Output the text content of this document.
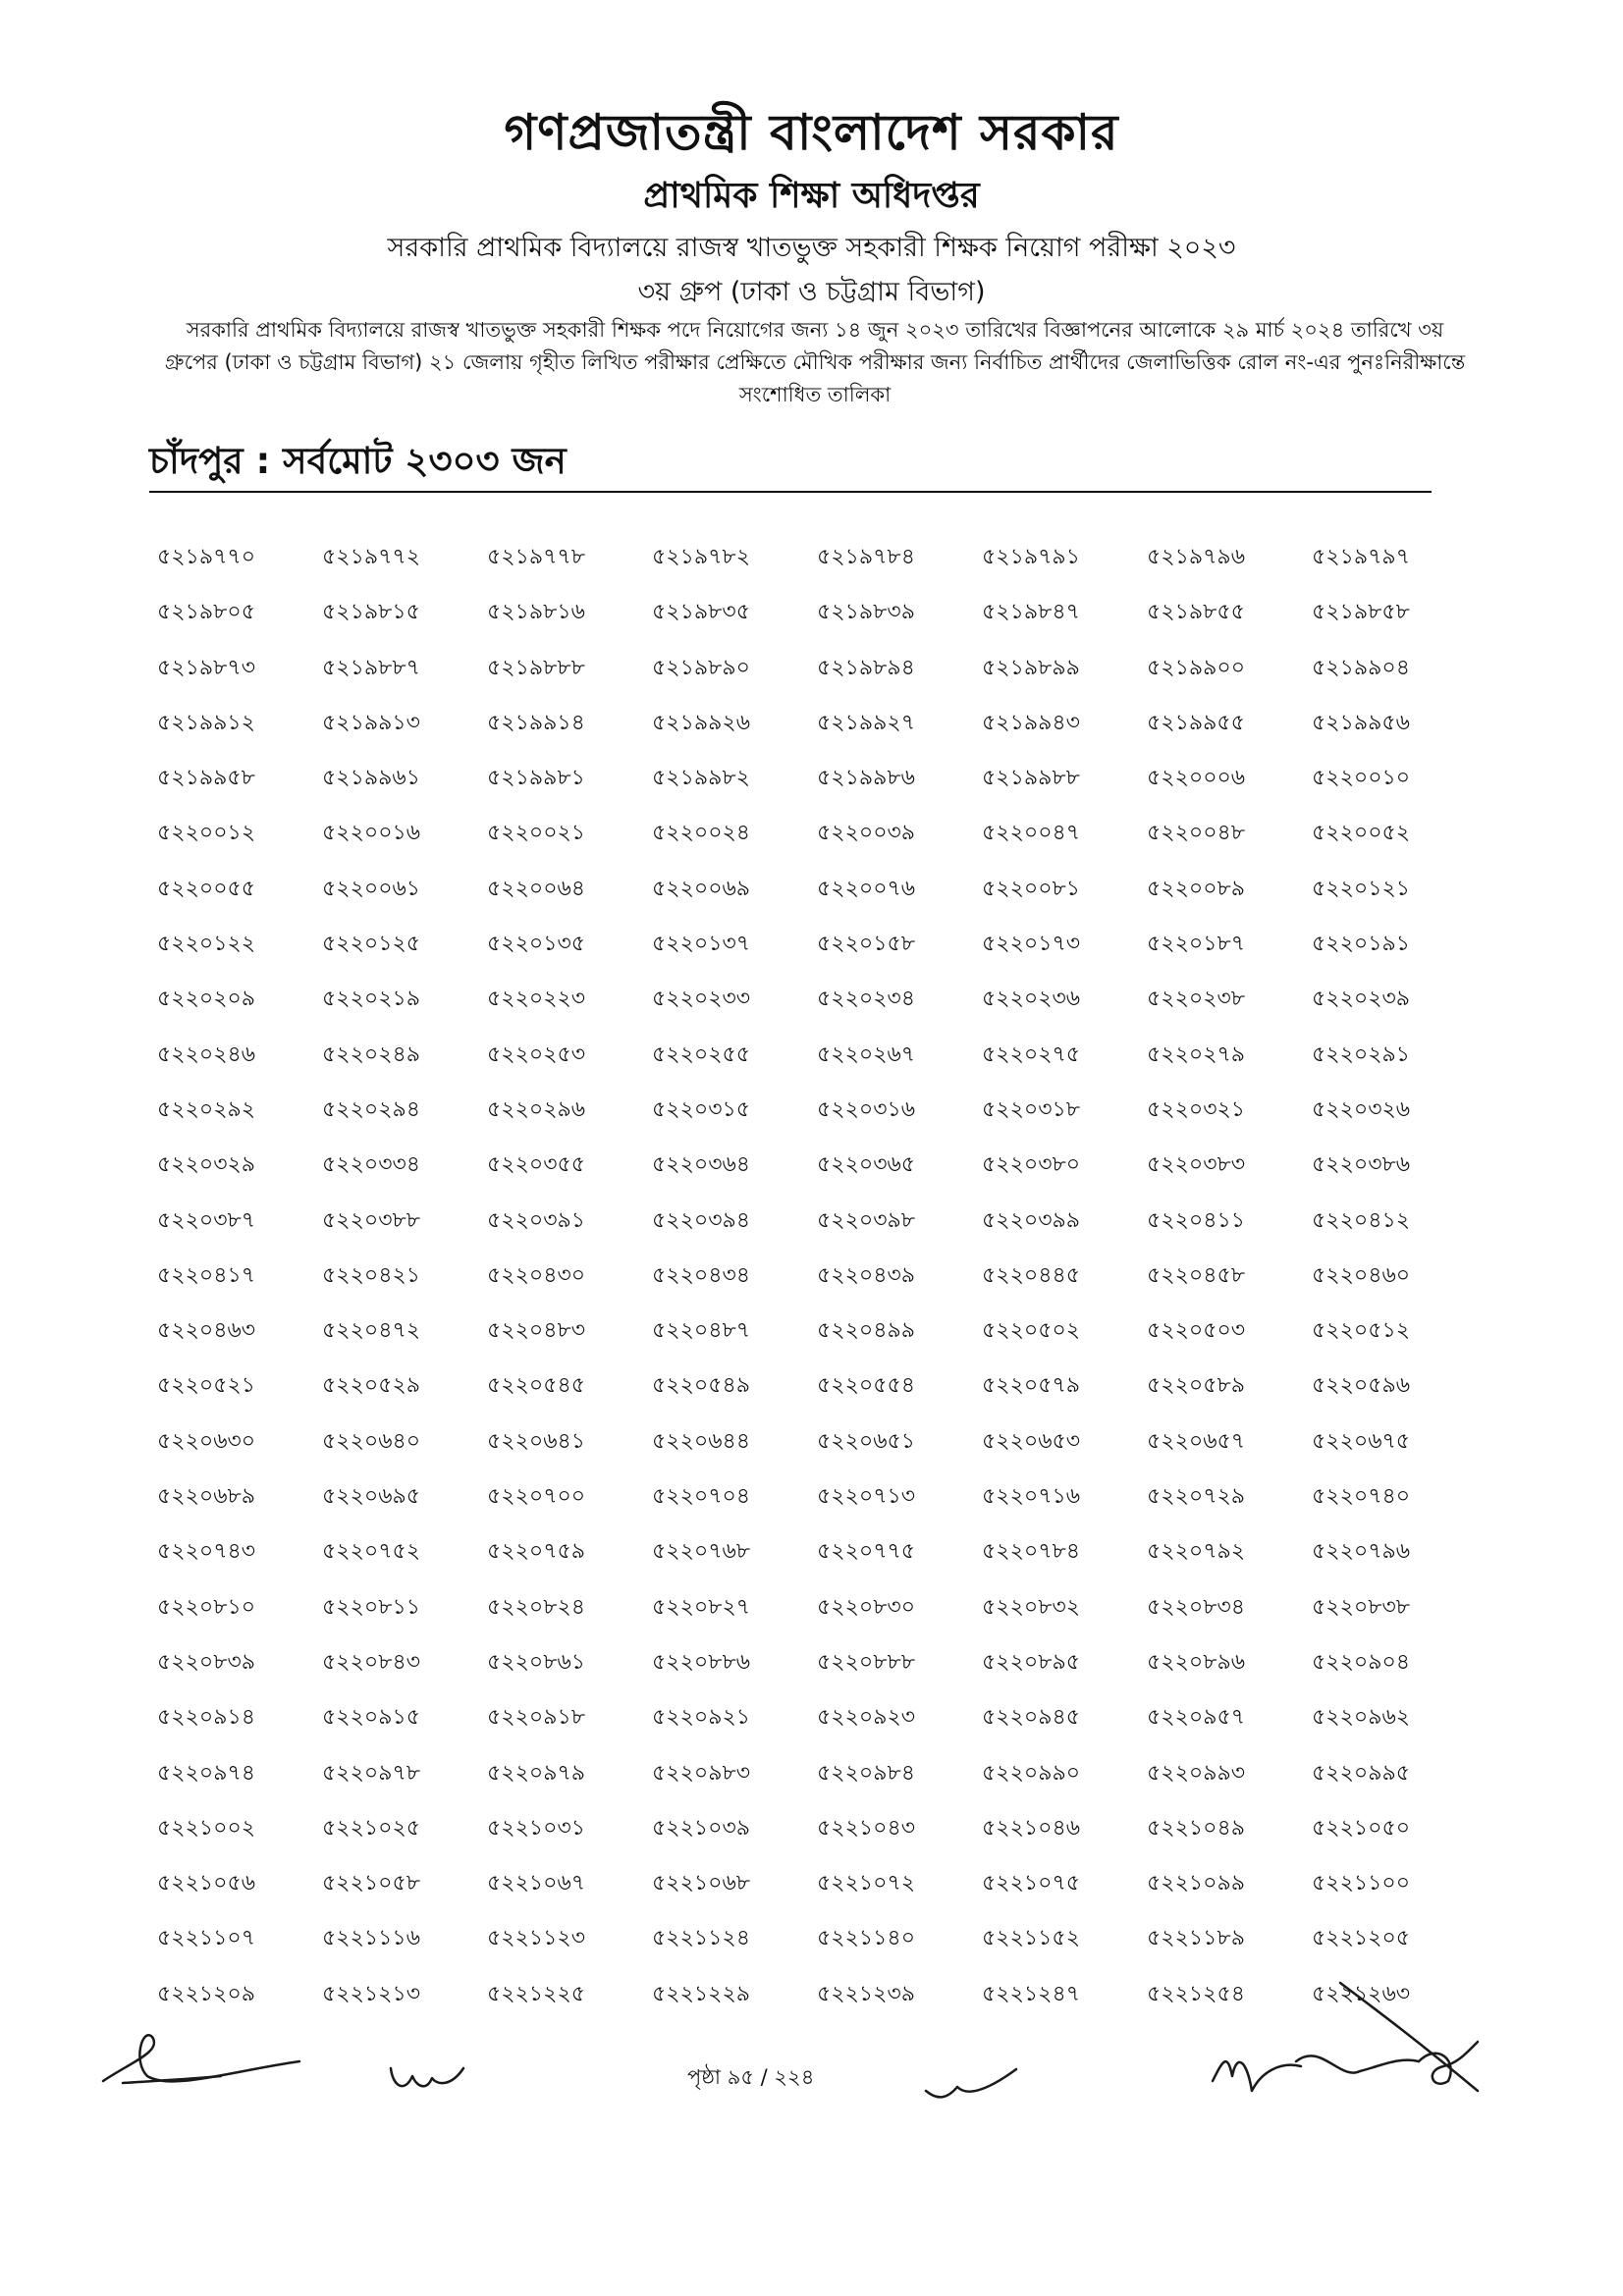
গণপ্রজাতন্ত্রী বাংলাদেশ সরকার
প্রাথমিক শিক্ষা অধিদপ্তর
সরকারি প্রাথমিক বিদ্যালয়ে রাজস্ব খাতভুক্ত সহকারী শিক্ষক নিয়োগ পরীক্ষা ২০২৩
৩য় গ্রুপ (ঢাকা ও চট্টগ্রাম বিভাগ)
সরকারি প্রাথমিক বিদ্যালয়ে রাজস্ব খাতভুক্ত সহকারী শিক্ষক পদে নিয়োগের জন্য ১৪ জুন ২০২৩ তারিখের বিজ্ঞাপনের আলোকে ২৯ মার্চ ২০২৪ তারিখে ৩য় গ্রুপের (ঢাকা ও চট্টগ্রাম বিভাগ) ২১ জেলায় গৃহীত লিখিত পরীক্ষার প্রেক্ষিতে মৌখিক পরীক্ষার জন্য নির্বাচিত প্রার্থীদের জেলাভিত্তিক রোল নং-এর পুনঃনিরীক্ষান্তে সংশোধিত তালিকা
চাঁদপুর : সর্বমোট ২৩০৩ জন
৫২১৯৭৭০	৫২১৯৭৭২	৫২১৯৭৭৮	৫২১৯৭৮২	৫২১৯৭৮৪	৫২১৯৭৯১	৫২১৯৭৯৬	৫২১৯৭৯৭
৫২১৯৮০৫	৫২১৯৮১৫	৫২১৯৮১৬	৫২১৯৮৩৫	৫২১৯৮৩৯	৫২১৯৮৪৭	৫২১৯৮৫৫	৫২১৯৮৫৮
৫২১৯৮৭৩	৫২১৯৮৮৭	৫২১৯৮৮৮	৫২১৯৮৯০	৫২১৯৮৯৪	৫২১৯৮৯৯	৫২১৯৯০০	৫২১৯৯০৪
৫২১৯৯১২	৫২১৯৯১৩	৫২১৯৯১৪	৫২১৯৯২৬	৫২১৯৯২৭	৫২১৯৯৪৩	৫২১৯৯৫৫	৫২১৯৯৫৬
৫২১৯৯৫৮	৫২১৯৯৬১	৫২১৯৯৮১	৫২১৯৯৮২	৫২১৯৯৮৬	৫২১৯৯৮৮	৫২২০০০৬	৫২২০০১০
৫২২০০১২	৫২২০০১৬	৫২২০০২১	৫২২০০২৪	৫২২০০৩৯	৫২২০০৪৭	৫২২০০৪৮	৫২২০০৫২
৫২২০০৫৫	৫২২০০৬১	৫২২০০৬৪	৫২২০০৬৯	৫২২০০৭৬	৫২২০০৮১	৫২২০০৮৯	৫২২০১২১
৫২২০১২২	৫২২০১২৫	৫২২০১৩৫	৫২২০১৩৭	৫২২০১৫৮	৫২২০১৭৩	৫২২০১৮৭	৫২২০১৯১
৫২২০২০৯	৫২২০২১৯	৫২২০২২৩	৫২২০২৩৩	৫২২০২৩৪	৫২২০২৩৬	৫২২০২৩৮	৫২২০২৩৯
৫২২০২৪৬	৫২২০২৪৯	৫২২০২৫৩	৫২২০২৫৫	৫২২০২৬৭	৫২২০২৭৫	৫২২০২৭৯	৫২২০২৯১
৫২২০২৯২	৫২২০২৯৪	৫২২০২৯৬	৫২২০৩১৫	৫২২০৩১৬	৫২২০৩১৮	৫২২০৩২১	৫২২০৩২৬
৫২২০৩২৯	৫২২০৩৩৪	৫২২০৩৫৫	৫২২০৩৬৪	৫২২০৩৬৫	৫২২০৩৮০	৫২২০৩৮৩	৫২২০৩৮৬
৫২২০৩৮৭	৫২২০৩৮৮	৫২২০৩৯১	৫২২০৩৯৪	৫২২০৩৯৮	৫২২০৩৯৯	৫২২০৪১১	৫২২০৪১২
৫২২০৪১৭	৫২২০৪২১	৫২২০৪৩০	৫২২০৪৩৪	৫২২০৪৩৯	৫২২০৪৪৫	৫২২০৪৫৮	৫২২০৪৬০
৫২২০৪৬৩	৫২২০৪৭২	৫২২০৪৮৩	৫২২০৪৮৭	৫২২০৪৯৯	৫২২০৫০২	৫২২০৫০৩	৫২২০৫১২
৫২২০৫২১	৫২২০৫২৯	৫২২০৫৪৫	৫২২০৫৪৯	৫২২০৫৫৪	৫২২০৫৭৯	৫২২০৫৮৯	৫২২০৫৯৬
৫২২০৬৩০	৫২২০৬৪০	৫২২০৬৪১	৫২২০৬৪৪	৫২২০৬৫১	৫২২০৬৫৩	৫২২০৬৫৭	৫২২০৬৭৫
৫২২০৬৮৯	৫২২০৬৯৫	৫২২০৭০০	৫২২০৭০৪	৫২২০৭১৩	৫২২০৭১৬	৫২২০৭২৯	৫২২০৭৪০
৫২২০৭৪৩	৫২২০৭৫২	৫২২০৭৫৯	৫২২০৭৬৮	৫২২০৭৭৫	৫২২০৭৮৪	৫২২০৭৯২	৫২২০৭৯৬
৫২২০৮১০	৫২২০৮১১	৫২২০৮২৪	৫২২০৮২৭	৫২২০৮৩০	৫২২০৮৩২	৫২২০৮৩৪	৫২২০৮৩৮
৫২২০৮৩৯	৫২২০৮৪৩	৫২২০৮৬১	৫২২০৮৮৬	৫২২০৮৮৮	৫২২০৮৯৫	৫২২০৮৯৬	৫২২০৯০৪
৫২২০৯১৪	৫২২০৯১৫	৫২২০৯১৮	৫২২০৯২১	৫২২০৯২৩	৫২২০৯৪৫	৫২২০৯৫৭	৫২২০৯৬২
৫২২০৯৭৪	৫২২০৯৭৮	৫২২০৯৭৯	৫২২০৯৮৩	৫২২০৯৮৪	৫২২০৯৯০	৫২২০৯৯৩	৫২২০৯৯৫
৫২২১০০২	৫২২১০২৫	৫২২১০৩১	৫২২১০৩৯	৫২২১০৪৩	৫২২১০৪৬	৫২২১০৪৯	৫২২১০৫০
৫২২১০৫৬	৫২২১০৫৮	৫২২১০৬৭	৫২২১০৬৮	৫২২১০৭২	৫২২১০৭৫	৫২২১০৯৯	৫২২১১০০
৫২২১১০৭	৫২২১১১৬	৫২২১১২৩	৫২২১১২৪	৫২২১১৪০	৫২২১১৫২	৫২২১১৮৯	৫২২১২০৫
৫২২১২০৯	৫২২১২১৩	৫২২১২২৫	৫২২১২২৯	৫২২১২৩৯	৫২২১২৪৭	৫২২১২৫৪	৫২২১২৬৩
পৃষ্ঠা ৯৫ / ২২৪
